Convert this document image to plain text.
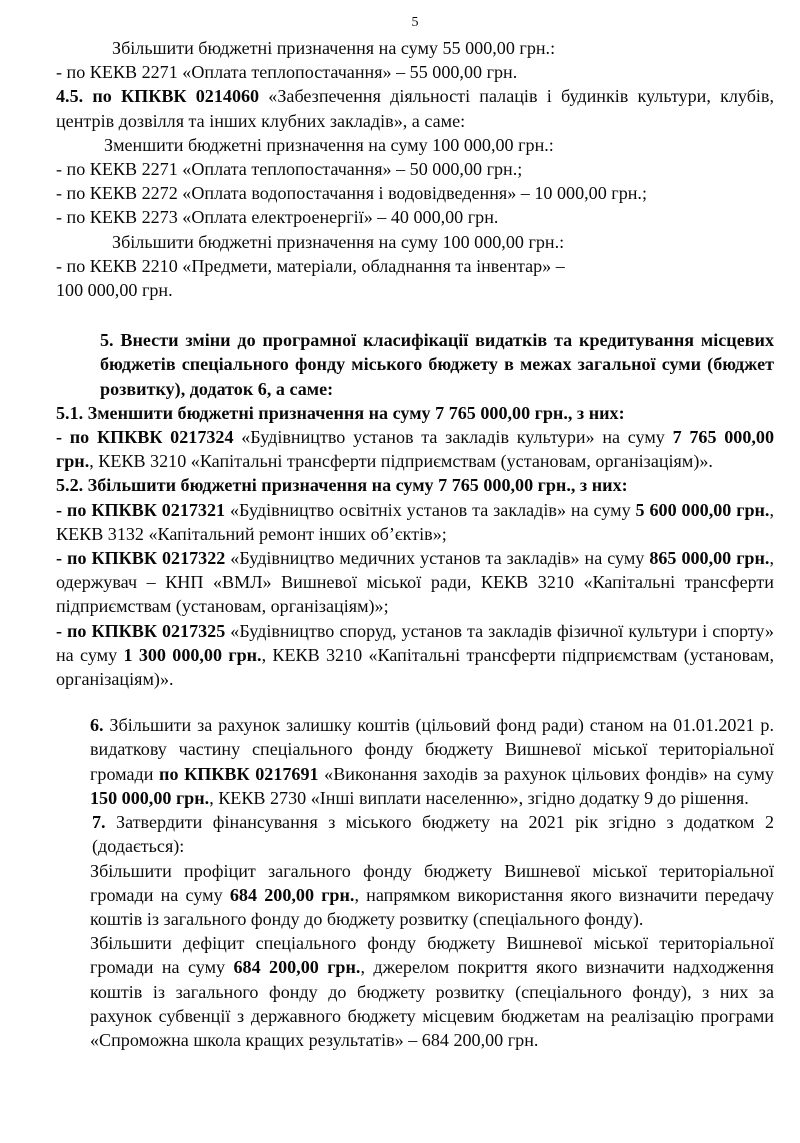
5

Збільшити бюджетні призначення на суму 55 000,00 грн.:

- по КЕКВ 2271 «Оплата теплопостачання» – 55 000,00 грн.

4.5. по КПКВК 0214060 «Забезпечення діяльності палаців і будинків культури, клубів, центрів дозвілля та інших клубних закладів», а саме:

Зменшити бюджетні призначення на суму 100 000,00 грн.:

- по КЕКВ 2271 «Оплата теплопостачання» – 50 000,00 грн.;

- по КЕКВ 2272 «Оплата водопостачання і водовідведення» – 10 000,00 грн.;

- по КЕКВ 2273 «Оплата електроенергії» – 40 000,00 грн.

Збільшити бюджетні призначення на суму 100 000,00 грн.:

- по КЕКВ 2210 «Предмети, матеріали, обладнання та інвентар» –

100 000,00 грн.

5. Внести зміни до програмної класифікації видатків та кредитування місцевих бюджетів спеціального фонду міського бюджету в межах загальної суми (бюджет розвитку), додаток 6, а саме:

5.1. Зменшити бюджетні призначення на суму 7 765 000,00 грн., з них:

- по КПКВК 0217324 «Будівництво установ та закладів культури» на суму 7 765 000,00 грн., КЕКВ 3210 «Капітальні трансферти підприємствам (установам, організаціям)».

5.2. Збільшити бюджетні призначення на суму 7 765 000,00 грн., з них:

- по КПКВК 0217321 «Будівництво освітніх установ та закладів» на суму 5 600 000,00 грн., КЕКВ 3132 «Капітальний ремонт інших об’єктів»;

- по КПКВК 0217322 «Будівництво медичних установ та закладів» на суму 865 000,00 грн., одержувач – КНП «ВМЛ» Вишневої міської ради, КЕКВ 3210 «Капітальні трансферти підприємствам (установам, організаціям)»;

- по КПКВК 0217325 «Будівництво споруд, установ та закладів фізичної культури і спорту» на суму 1 300 000,00 грн., КЕКВ 3210 «Капітальні трансферти підприємствам (установам, організаціям)».

6. Збільшити за рахунок залишку коштів (цільовий фонд ради) станом на 01.01.2021 р. видаткову частину спеціального фонду бюджету Вишневої міської територіальної громади по КПКВК 0217691 «Виконання заходів за рахунок цільових фондів» на суму 150 000,00 грн., КЕКВ 2730 «Інші виплати населенню», згідно додатку 9 до рішення.

7. Затвердити фінансування з міського бюджету на 2021 рік згідно з додатком 2 (додається):

Збільшити профіцит загального фонду бюджету Вишневої міської територіальної громади на суму 684 200,00 грн., напрямком використання якого визначити передачу коштів із загального фонду до бюджету розвитку (спеціального фонду).

Збільшити дефіцит спеціального фонду бюджету Вишневої міської територіальної громади на суму 684 200,00 грн., джерелом покриття якого визначити надходження коштів із загального фонду до бюджету розвитку (спеціального фонду), з них за рахунок субвенції з державного бюджету місцевим бюджетам на реалізацію програми «Спроможна школа кращих результатів» – 684 200,00 грн.
